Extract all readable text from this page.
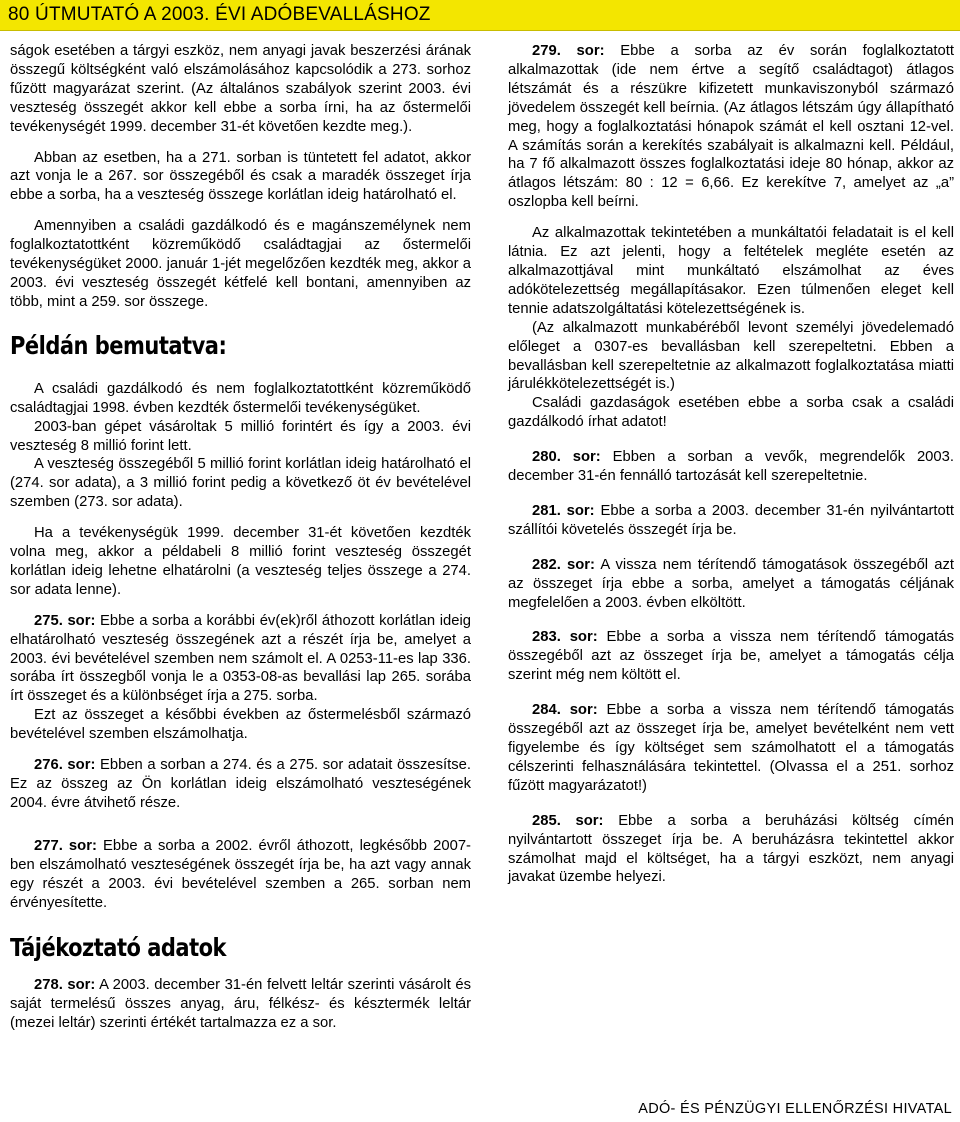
80 ÚTMUTATÓ A 2003. ÉVI ADÓBEVALLÁSHOZ

ságok esetében a tárgyi eszköz, nem anyagi javak beszerzési árának összegű költségként való elszámolásához kapcsolódik a 273. sorhoz fűzött magyarázat szerint. (Az általános szabályok szerint 2003. évi veszteség összegét akkor kell ebbe a sorba írni, ha az őstermelői tevékenységét 1999. december 31-ét követően kezdte meg.).

Abban az esetben, ha a 271. sorban is tüntetett fel adatot, akkor azt vonja le a 267. sor összegéből és csak a maradék összeget írja ebbe a sorba, ha a veszteség összege korlátlan ideig határolható el.

Amennyiben a családi gazdálkodó és e magánszemélynek nem foglalkoztatottként közreműködő családtagjai az őstermelői tevékenységüket 2000. január 1-jét megelőzően kezdték meg, akkor a 2003. évi veszteség összegét kétfelé kell bontani, amennyiben az több, mint a 259. sor összege.

Példán bemutatva:

A családi gazdálkodó és nem foglalkoztatottként közreműködő családtagjai 1998. évben kezdték őstermelői tevékenységüket.

2003-ban gépet vásároltak 5 millió forintért és így a 2003. évi veszteség 8 millió forint lett.

A veszteség összegéből 5 millió forint korlátlan ideig határolható el (274. sor adata), a 3 millió forint pedig a következő öt év bevételével szemben (273. sor adata).

Ha a tevékenységük 1999. december 31-ét követően kezdték volna meg, akkor a példabeli 8 millió forint veszteség összegét korlátlan ideig lehetne elhatárolni (a veszteség teljes összege a 274. sor adata lenne).

275. sor: Ebbe a sorba a korábbi év(ek)ről áthozott korlátlan ideig elhatárolható veszteség összegének azt a részét írja be, amelyet a 2003. évi bevételével szemben nem számolt el. A 0253-11-es lap 336. sorába írt összegből vonja le a 0353-08-as bevallási lap 265. sorába írt összeget és a különbséget írja a 275. sorba.

Ezt az összeget a későbbi években az őstermelésből származó bevételével szemben elszámolhatja.

276. sor: Ebben a sorban a 274. és a 275. sor adatait összesítse. Ez az összeg az Ön korlátlan ideig elszámolható veszteségének 2004. évre átvihető része.

277. sor: Ebbe a sorba a 2002. évről áthozott, legkésőbb 2007-ben elszámolható veszteségének összegét írja be, ha azt vagy annak egy részét a 2003. évi bevételével szemben a 265. sorban nem érvényesítette.

Tájékoztató adatok

278. sor: A 2003. december 31-én felvett leltár szerinti vásárolt és saját termelésű összes anyag, áru, félkész- és késztermék leltár (mezei leltár) szerinti értékét tartalmazza ez a sor.

279. sor: Ebbe a sorba az év során foglalkoztatott alkalmazottak (ide nem értve a segítő családtagot) átlagos létszámát és a részükre kifizetett munkaviszonyból származó jövedelem összegét kell beírnia. (Az átlagos létszám úgy állapítható meg, hogy a foglalkoztatási hónapok számát el kell osztani 12-vel. A számítás során a kerekítés szabályait is alkalmazni kell. Például, ha 7 fő alkalmazott összes foglalkoztatási ideje 80 hónap, akkor az átlagos létszám: 80 : 12 = 6,66. Ez kerekítve 7, amelyet az „a” oszlopba kell beírni.

Az alkalmazottak tekintetében a munkáltatói feladatait is el kell látnia. Ez azt jelenti, hogy a feltételek megléte esetén az alkalmazottjával mint munkáltató elszámolhat az éves adókötelezettség megállapításakor. Ezen túlmenően eleget kell tennie adatszolgáltatási kötelezettségének is.

(Az alkalmazott munkabéréből levont személyi jövedelemadó előleget a 0307-es bevallásban kell szerepeltetni. Ebben a bevallásban kell szerepeltetnie az alkalmazott foglalkoztatása miatti járulékkötelezettségét is.)

Családi gazdaságok esetében ebbe a sorba csak a családi gazdálkodó írhat adatot!

280. sor: Ebben a sorban a vevők, megrendelők 2003. december 31-én fennálló tartozását kell szerepeltetnie.

281. sor: Ebbe a sorba a 2003. december 31-én nyilvántartott szállítói követelés összegét írja be.

282. sor: A vissza nem térítendő támogatások összegéből azt az összeget írja ebbe a sorba, amelyet a támogatás céljának megfelelően a 2003. évben elköltött.

283. sor: Ebbe a sorba a vissza nem térítendő támogatás összegéből azt az összeget írja be, amelyet a támogatás célja szerint még nem költött el.

284. sor: Ebbe a sorba a vissza nem térítendő támogatás összegéből azt az összeget írja be, amelyet bevételként nem vett figyelembe és így költséget sem számolhatott el a támogatás célszerinti felhasználására tekintettel. (Olvassa el a 251. sorhoz fűzött magyarázatot!)

285. sor: Ebbe a sorba a beruházási költség címén nyilvántartott összeget írja be. A beruházásra tekintettel akkor számolhat majd el költséget, ha a tárgyi eszközt, nem anyagi javakat üzembe helyezi.

ADÓ- ÉS PÉNZÜGYI ELLENŐRZÉSI HIVATAL
